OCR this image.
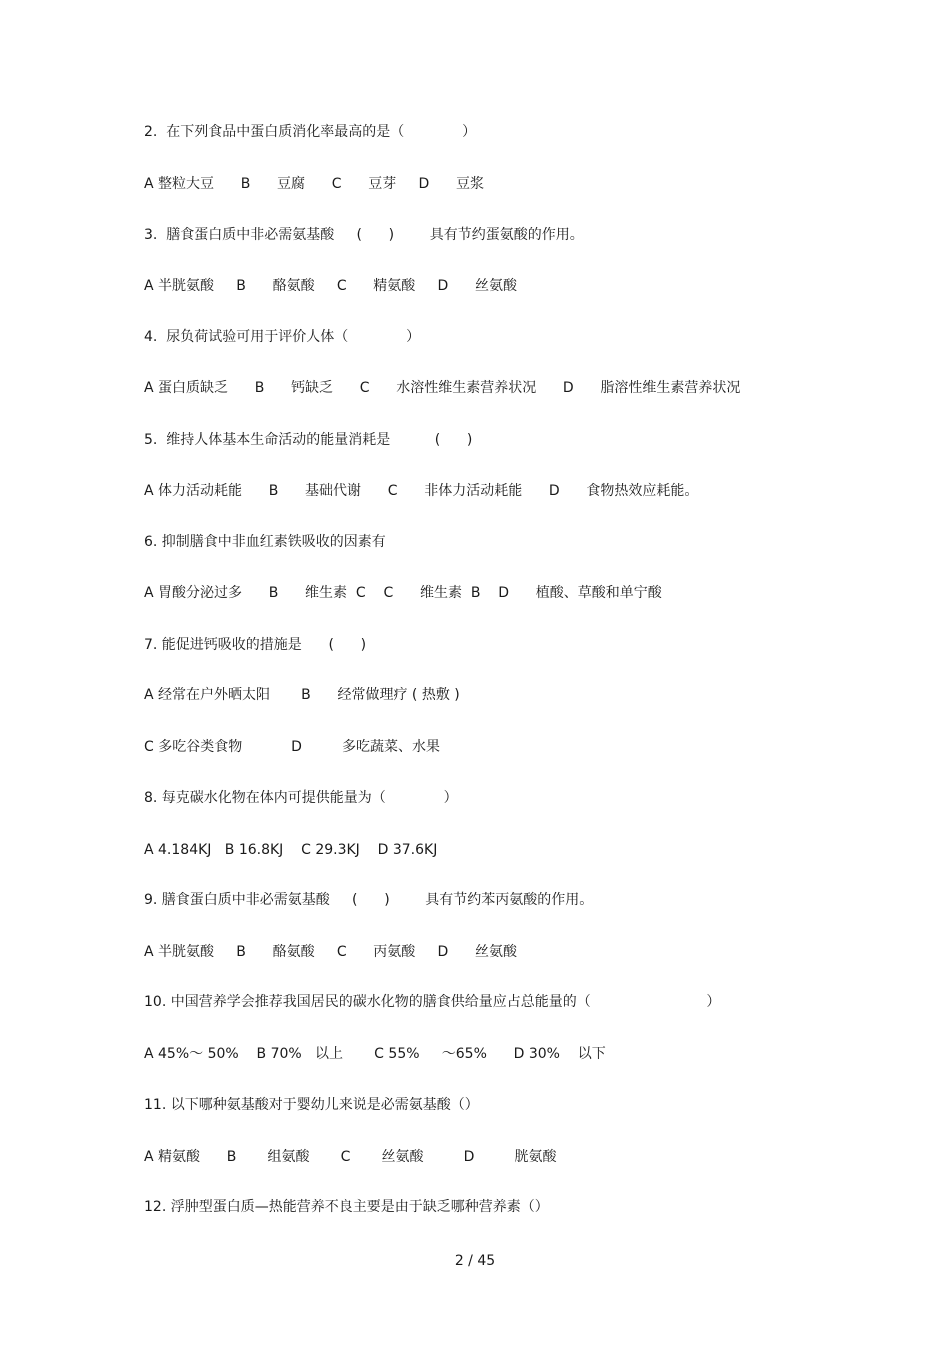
2.  在下列食品中蛋白质消化率最高的是（             ）

A 整粒大豆      B      豆腐      C      豆芽     D      豆浆

3.  膳食蛋白质中非必需氨基酸     (      )        具有节约蛋氨酸的作用。

A 半胱氨酸     B      酪氨酸     C      精氨酸     D      丝氨酸

4.  尿负荷试验可用于评价人体（             ）

A 蛋白质缺乏      B      钙缺乏      C      水溶性维生素营养状况      D      脂溶性维生素营养状况

5.  维持人体基本生命活动的能量消耗是          (      )

A 体力活动耗能      B      基础代谢      C      非体力活动耗能      D      食物热效应耗能。

6. 抑制膳食中非血红素铁吸收的因素有

A 胃酸分泌过多      B      维生素  C    C      维生素  B    D      植酸、草酸和单宁酸

7. 能促进钙吸收的措施是      (      )

A 经常在户外晒太阳       B      经常做理疗 ( 热敷 )

C 多吃谷类食物           D         多吃蔬菜、水果

8. 每克碳水化物在体内可提供能量为（             ）

A 4.184KJ   B 16.8KJ    C 29.3KJ    D 37.6KJ

9. 膳食蛋白质中非必需氨基酸     (      )        具有节约苯丙氨酸的作用。

A 半胱氨酸     B      酪氨酸     C      丙氨酸     D      丝氨酸

10. 中国营养学会推荐我国居民的碳水化物的膳食供给量应占总能量的（                          ）

A 45%～ 50%    B 70%   以上       C 55%     ～65%      D 30%    以下

11. 以下哪种氨基酸对于婴幼儿来说是必需氨基酸（）

A 精氨酸      B       组氨酸       C       丝氨酸         D         胱氨酸

12. 浮肿型蛋白质—热能营养不良主要是由于缺乏哪种营养素（）

2 / 45
